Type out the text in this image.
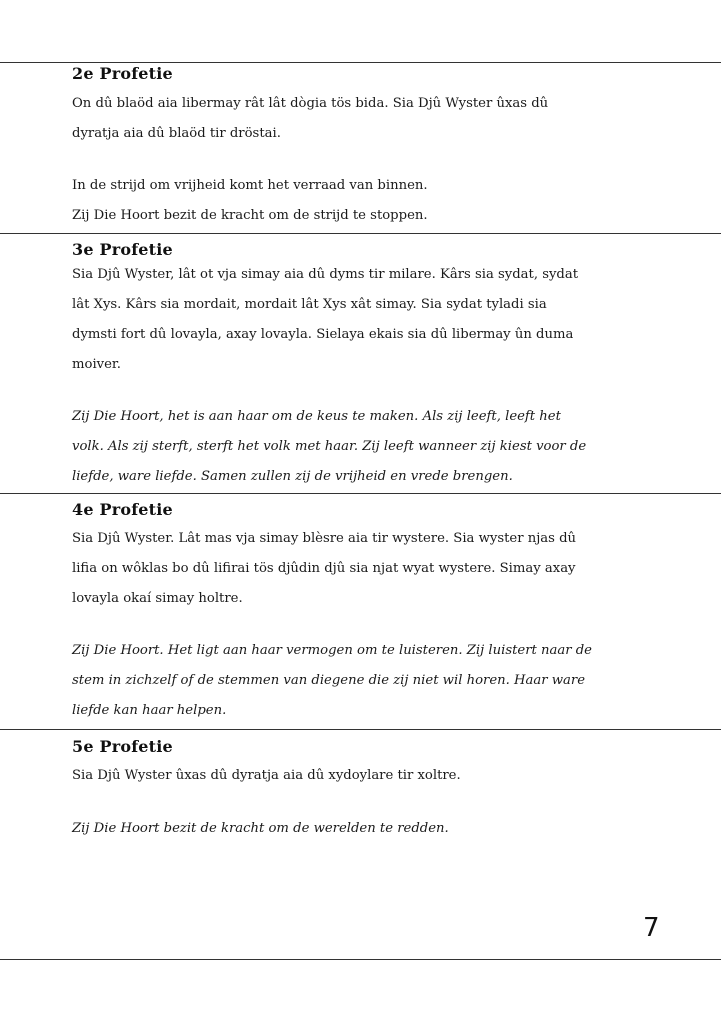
2e Profetie

On dû blaöd aia libermay rât lât dògia tös bida. Sia Djû Wyster ûxas dû
dyratja aia dû blaöd tir dröstai.

In de strijd om vrijheid komt het verraad van binnen.
Zij Die Hoort bezit de kracht om de strijd te stoppen.

3e Profetie

Sia Djû Wyster, lât ot vja simay aia dû dyms tir milare. Kârs sia sydat, sydat
lât Xys. Kârs sia mordait, mordait lât Xys xât simay. Sia sydat tyladi sia
dymsti fort dû lovayla, axay lovayla. Sielaya ekais sia dû libermay ûn duma
moiver.

Zij Die Hoort, het is aan haar om de keus te maken. Als zij leeft, leeft het
volk. Als zij sterft, sterft het volk met haar. Zij leeft wanneer zij kiest voor de
liefde, ware liefde. Samen zullen zij de vrijheid en vrede brengen.

4e Profetie

Sia Djû Wyster. Lât mas vja simay blèsre aia tir wystere. Sia wyster njas dû
lifia on wôklas bo dû lifirai tös djûdin djû sia njat wyat wystere. Simay axay
lovayla okaí simay holtre.

Zij Die Hoort. Het ligt aan haar vermogen om te luisteren. Zij luistert naar de
stem in zichzelf of de stemmen van diegene die zij niet wil horen. Haar ware
liefde kan haar helpen.

5e Profetie

Sia Djû Wyster ûxas dû dyratja aia dû xydoylare tir xoltre.

Zij Die Hoort bezit de kracht om de werelden te redden.

7
